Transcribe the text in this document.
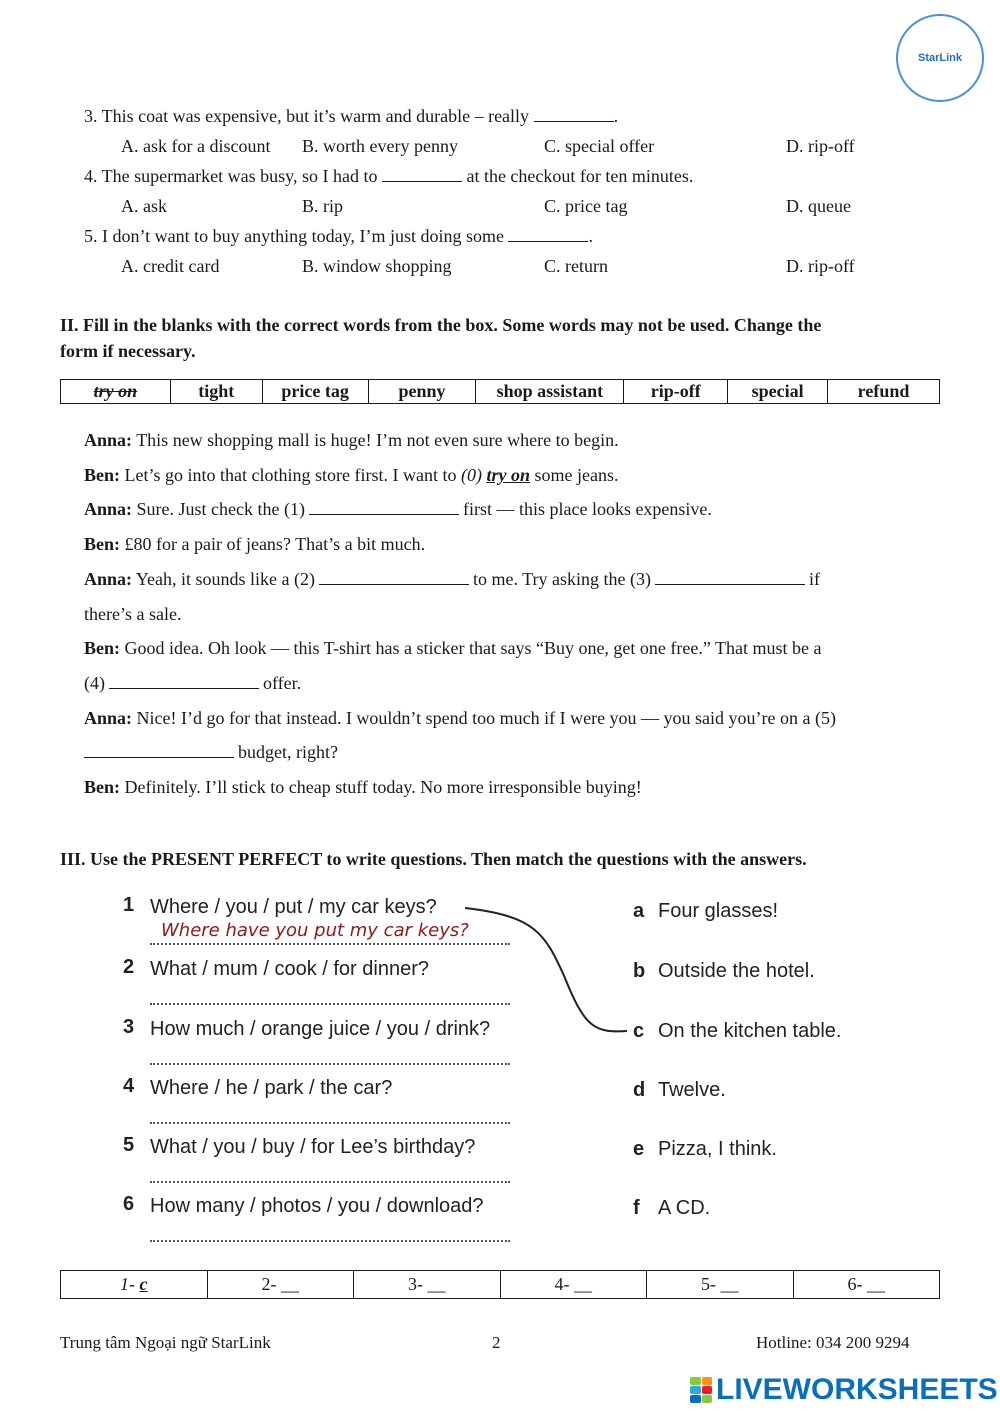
StarLink
3. This coat was expensive, but it’s warm and durable – really	.
A. ask for a discount B. worth every penny	C. special offer	D. rip-off
4. The supermarket was busy, so I had to	at the checkout for ten minutes.
A. ask	B. rip	C. price tag	D. queue
5. I don’t want to buy anything today, I’m just doing some	.
A. credit card	B. window shopping	C. return	D. rip-off
II. Fill in the blanks with the correct words from the box. Some words may not be used. Change the
form if necessary.
try on	tight	price tag	penny	shop assistant	rip-off	special	refund
Anna: This new shopping mall is huge! I’m not even sure where to begin.
Ben: Let’s go into that clothing store first. I want to (0) try on some jeans.
Anna: Sure. Just check the (1)	first — this place looks expensive.
Ben: £80 for a pair of jeans? That’s a bit much.
Anna: Yeah, it sounds like a (2)	to me. Try asking the (3)	if
there’s a sale.
Ben: Good idea. Oh look — this T-shirt has a sticker that says “Buy one, get one free.” That must be a
(4)	offer.
Anna: Nice! I’d go for that instead. I wouldn’t spend too much if I were you — you said you’re on a (5)
budget, right?
Ben: Definitely. I’ll stick to cheap stuff today. No more irresponsible buying!
III. Use the PRESENT PERFECT to write questions. Then match the questions with the answers.
1 Where / you / put / my car keys?
Where have you put my car keys?
2 What / mum / cook / for dinner?
3 How much / orange juice / you / drink?
4 Where / he / park / the car?
5 What / you / buy / for Lee’s birthday?
6 How many / photos / you / download?
a Four glasses!
b Outside the hotel.
c On the kitchen table.
d Twelve.
e Pizza, I think.
f A CD.
1- c	2- __	3- __	4- __	5- __	6- __
Trung tâm Ngoại ngữ StarLink	2	Hotline: 034 200 9294
LIVEWORKSHEETS
